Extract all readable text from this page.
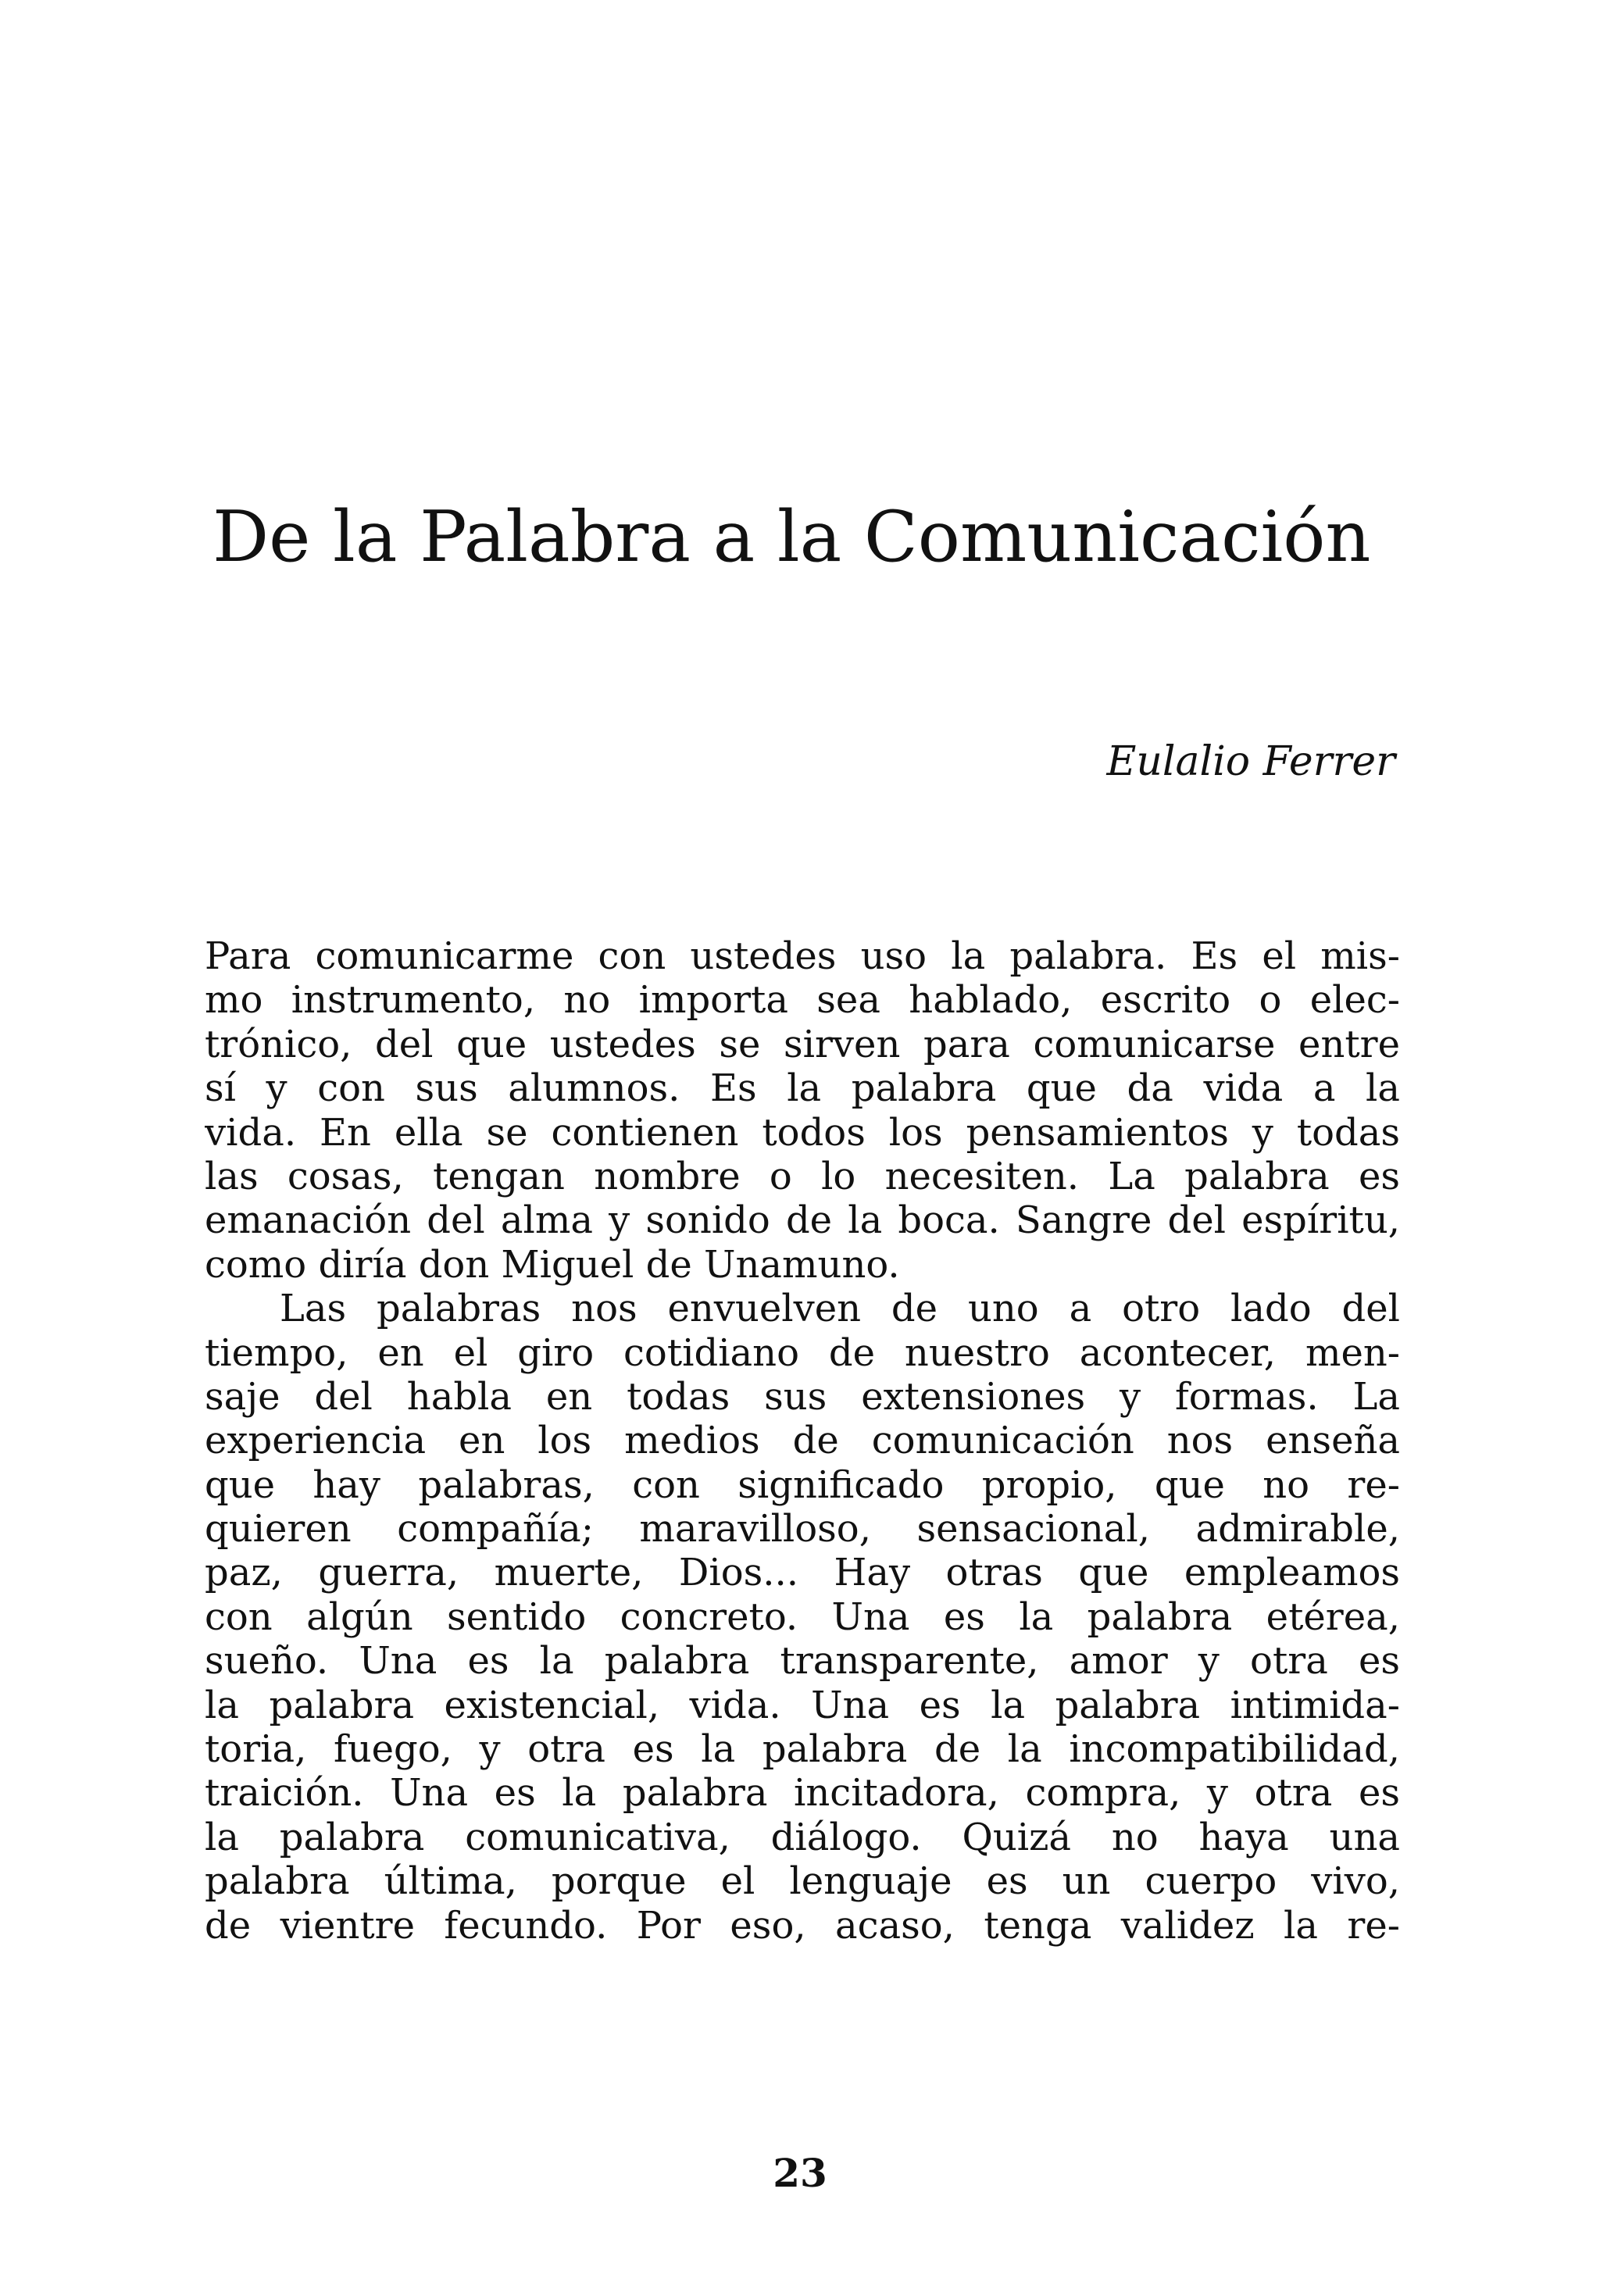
De la Palabra a la Comunicación

Eulalio Ferrer

Para comunicarme con ustedes uso la palabra. Es el mis-
mo instrumento, no importa sea hablado, escrito o elec-
trónico, del que ustedes se sirven para comunicarse entre
sí y con sus alumnos. Es la palabra que da vida a la
vida. En ella se contienen todos los pensamientos y todas
las cosas, tengan nombre o lo necesiten. La palabra es
emanación del alma y sonido de la boca. Sangre del espíritu,
como diría don Miguel de Unamuno.
Las palabras nos envuelven de uno a otro lado del
tiempo, en el giro cotidiano de nuestro acontecer, men-
saje del habla en todas sus extensiones y formas. La
experiencia en los medios de comunicación nos enseña
que hay palabras, con significado propio, que no re-
quieren compañía; maravilloso, sensacional, admirable,
paz, guerra, muerte, Dios... Hay otras que empleamos
con algún sentido concreto. Una es la palabra etérea,
sueño. Una es la palabra transparente, amor y otra es
la palabra existencial, vida. Una es la palabra intimida-
toria, fuego, y otra es la palabra de la incompatibilidad,
traición. Una es la palabra incitadora, compra, y otra es
la palabra comunicativa, diálogo. Quizá no haya una
palabra última, porque el lenguaje es un cuerpo vivo,
de vientre fecundo. Por eso, acaso, tenga validez la re-
23
